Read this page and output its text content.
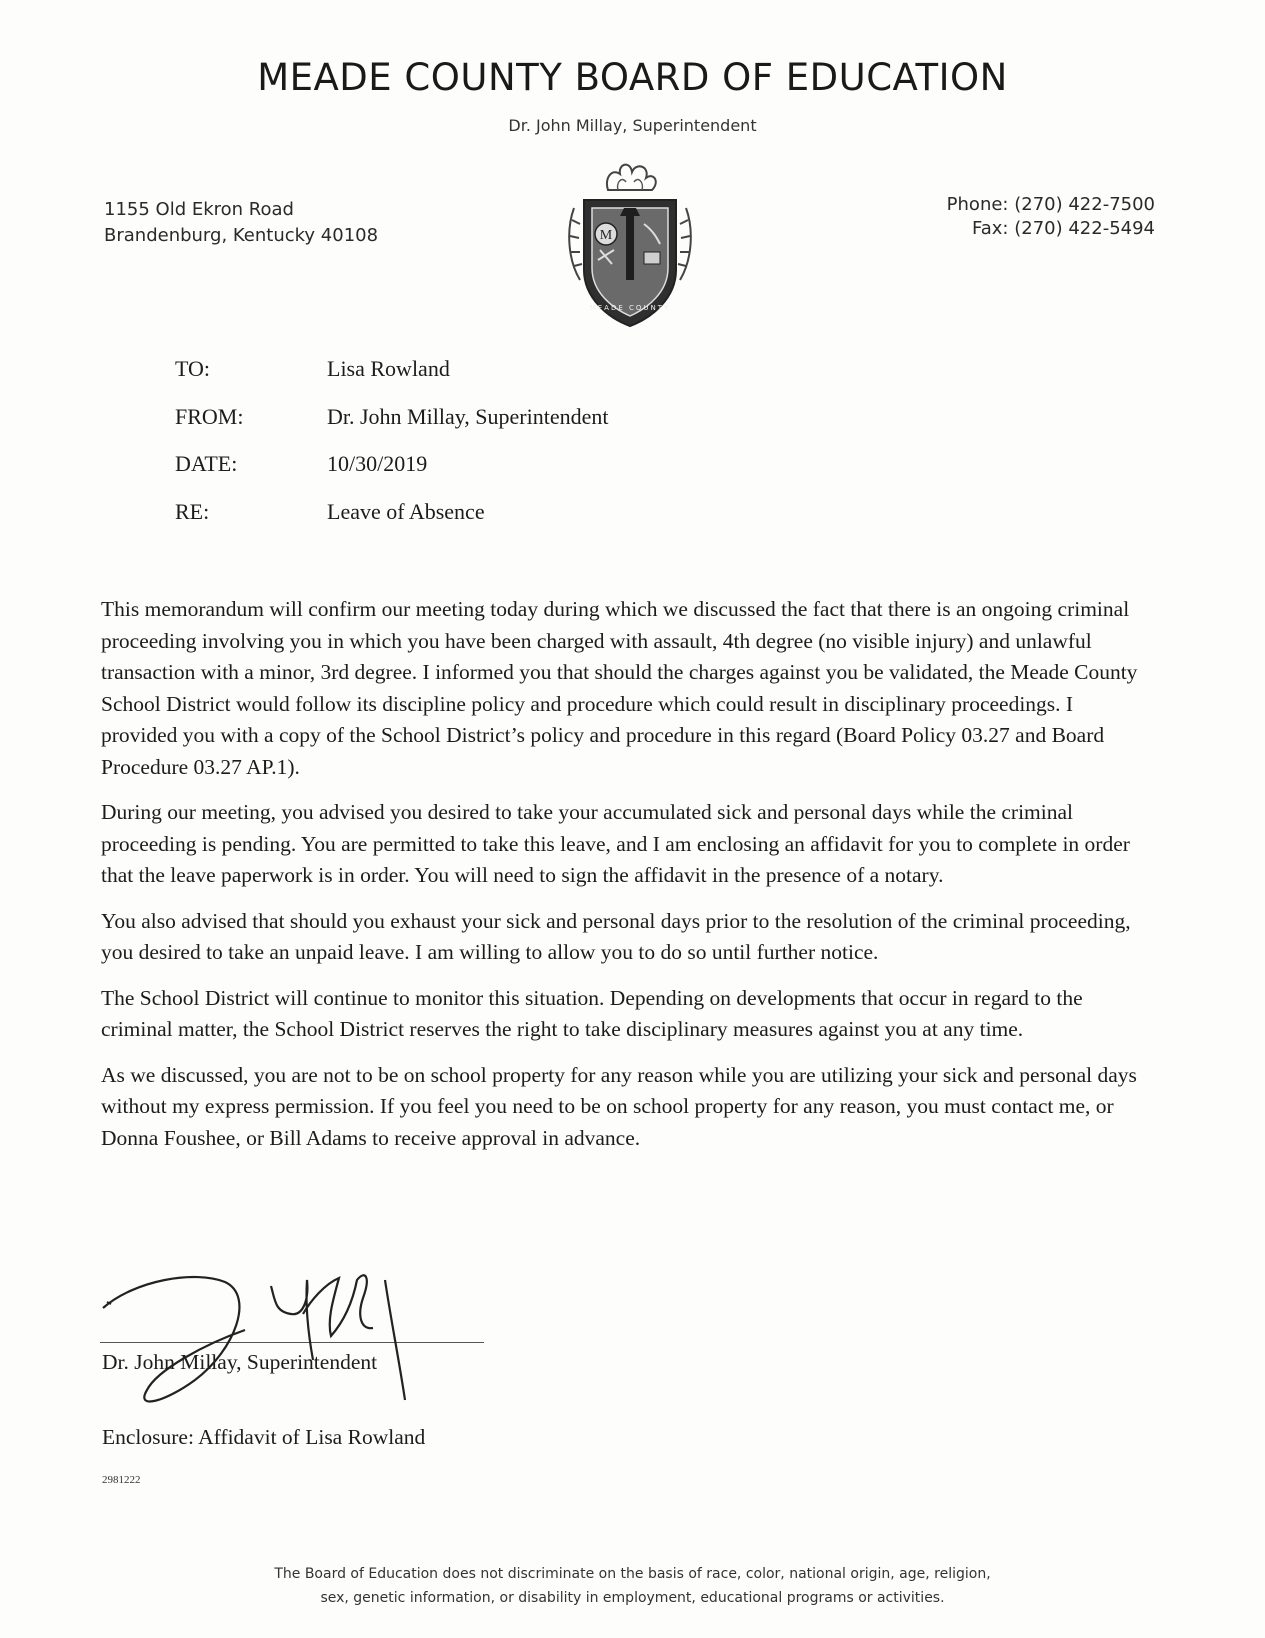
MEADE COUNTY BOARD OF EDUCATION
Dr. John Millay, Superintendent
1155 Old Ekron Road
Brandenburg, Kentucky 40108	M
MEADE COUNTY
Phone: (270) 422-7500
Fax: (270) 422-5494
TO:	Lisa Rowland
FROM:	Dr. John Millay, Superintendent
DATE:	10/30/2019
RE:	Leave of Absence

This memorandum will confirm our meeting today during which we discussed the fact that there is an ongoing criminal proceeding involving you in which you have been charged with assault, 4th degree (no visible injury) and unlawful transaction with a minor, 3rd degree. I informed you that should the charges against you be validated, the Meade County School District would follow its discipline policy and procedure which could result in disciplinary proceedings. I provided you with a copy of the School District’s policy and procedure in this regard (Board Policy 03.27 and Board Procedure 03.27 AP.1).

During our meeting, you advised you desired to take your accumulated sick and personal days while the criminal proceeding is pending. You are permitted to take this leave, and I am enclosing an affidavit for you to complete in order that the leave paperwork is in order. You will need to sign the affidavit in the presence of a notary.

You also advised that should you exhaust your sick and personal days prior to the resolution of the criminal proceeding, you desired to take an unpaid leave. I am willing to allow you to do so until further notice.

The School District will continue to monitor this situation. Depending on developments that occur in regard to the criminal matter, the School District reserves the right to take disciplinary measures against you at any time.

As we discussed, you are not to be on school property for any reason while you are utilizing your sick and personal days without my express permission. If you feel you need to be on school property for any reason, you must contact me, or Donna Foushee, or Bill Adams to receive approval in advance.

Dr. John Millay, Superintendent
Enclosure: Affidavit of Lisa Rowland
2981222
The Board of Education does not discriminate on the basis of race, color, national origin, age, religion,
sex, genetic information, or disability in employment, educational programs or activities.
